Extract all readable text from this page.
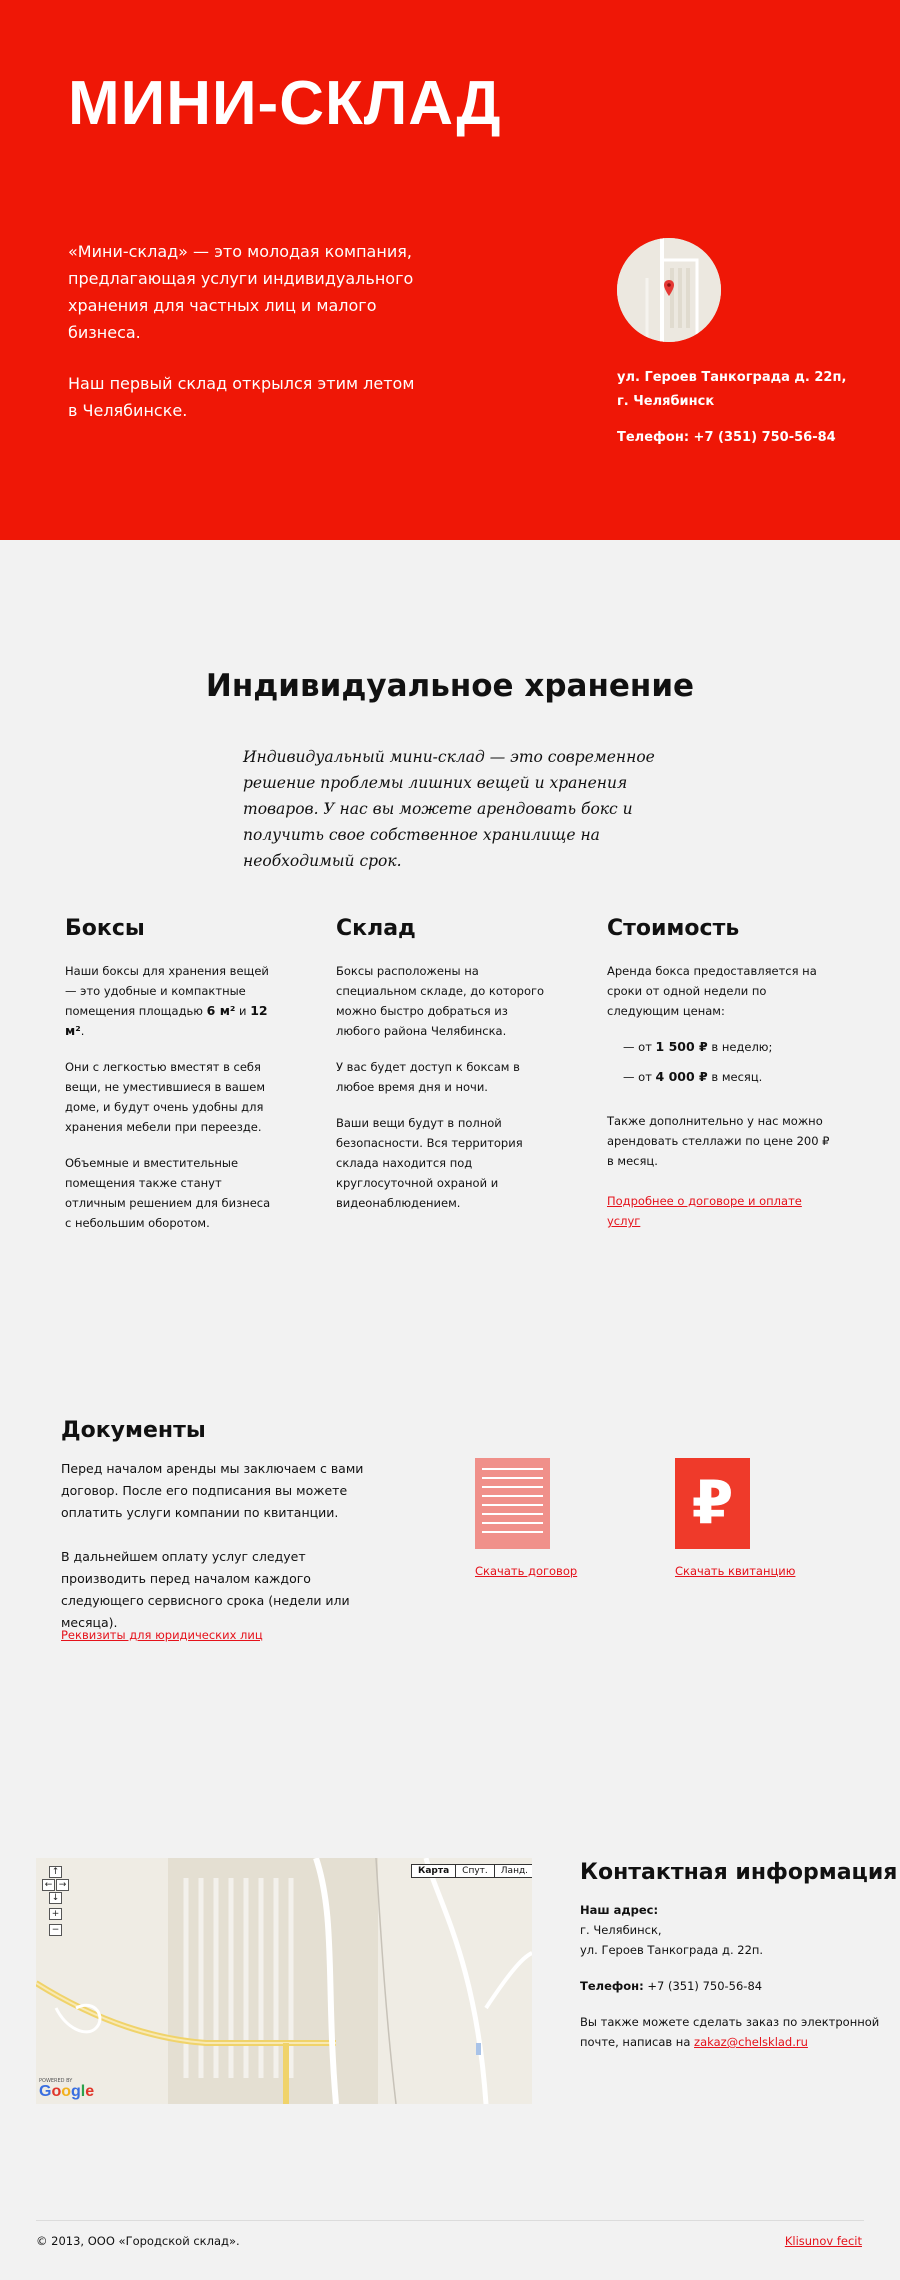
МИНИ-СКЛАД

«Мини-склад» — это молодая компания, предлагающая услуги индивидуального хранения для частных лиц и малого бизнеса.

Наш первый склад открылся этим летом в Челябинске.

ул. Героев Танкограда д. 22п,
г. Челябинск
Телефон: +7 (351) 750-56-84
Индивидуальное хранение

Индивидуальный мини-склад — это современное решение проблемы лишних вещей и хранения товаров. У нас вы можете арендовать бокс и получить свое собственное хранилище на необходимый срок.

Боксы

Наши боксы для хранения вещей — это удобные и компактные помещения площадью 6 м² и 12 м².

Они с легкостью вместят в себя вещи, не уместившиеся в вашем доме, и будут очень удобны для хранения мебели при переезде.

Объемные и вместительные помещения также станут отличным решением для бизнеса с небольшим оборотом.

Склад

Боксы расположены на специальном складе, до которого можно быстро добраться из любого района Челябинска.

У вас будет доступ к боксам в любое время дня и ночи.

Ваши вещи будут в полной безопасности. Вся территория склада находится под круглосуточной охраной и видеонаблюдением.

Стоимость

Аренда бокса предоставляется на сроки от одной недели по следующим ценам:

— от 1 500 ₽ в неделю;

— от 4 000 ₽ в месяц.

Также дополнительно у нас можно арендовать стеллажи по цене 200 ₽ в месяц.

Подробнее о договоре и оплате услуг

Документы

Перед началом аренды мы заключаем с вами договор. После его подписания вы можете оплатить услуги компании по квитанции.

В дальнейшем оплату услуг следует производить перед началом каждого следующего сервисного срока (недели или месяца).

Реквизиты для юридических лиц
Скачать договор
₽
Скачать квитанцию
↑
← →
↓
+
−
Карта	Спут.	Ланд.
POWERED BY
Google
Контактная информация

Наш адрес:
г. Челябинск,
ул. Героев Танкограда д. 22п.

Телефон: +7 (351) 750-56-84

Вы также можете сделать заказ по электронной почте, написав на zakaz@chelsklad.ru

© 2013, ООО «Городской склад».	Klisunov fecit
